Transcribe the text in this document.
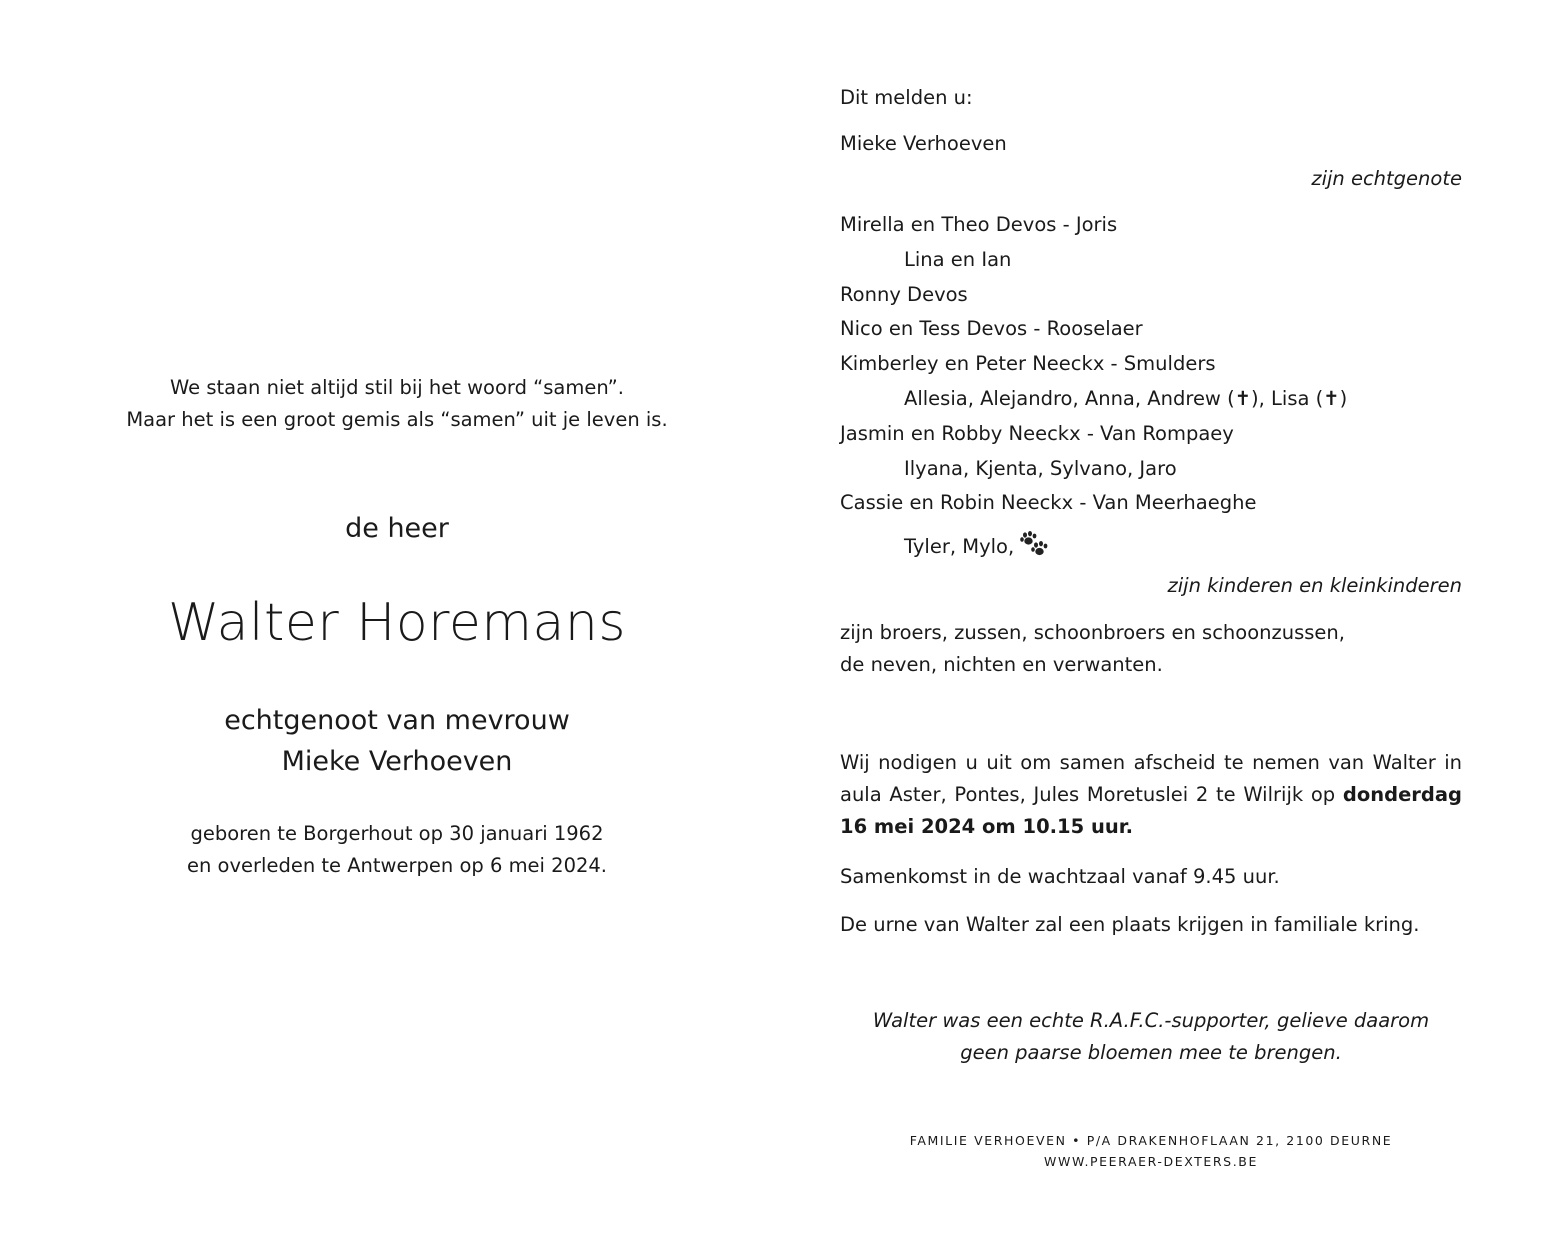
We staan niet altijd stil bij het woord “samen”.
Maar het is een groot gemis als “samen” uit je leven is.
de heer
Walter Horemans
echtgenoot van mevrouw
Mieke Verhoeven
geboren te Borgerhout op 30 januari 1962
en overleden te Antwerpen op 6 mei 2024.
Dit melden u:
Mieke Verhoeven
zijn echtgenote
Mirella en Theo Devos - Joris
Lina en Ian
Ronny Devos
Nico en Tess Devos - Rooselaer
Kimberley en Peter Neeckx - Smulders
Allesia, Alejandro, Anna, Andrew (✝), Lisa (✝)
Jasmin en Robby Neeckx - Van Rompaey
Ilyana, Kjenta, Sylvano, Jaro
Cassie en Robin Neeckx - Van Meerhaeghe
Tyler, Mylo,
zijn kinderen en kleinkinderen
zijn broers, zussen, schoonbroers en schoonzussen,
de neven, nichten en verwanten.
Wij nodigen u uit om samen afscheid te nemen van Walter in aula Aster, Pontes, Jules Moretuslei 2 te Wilrijk op donderdag 16 mei 2024 om 10.15 uur.
Samenkomst in de wachtzaal vanaf 9.45 uur.
De urne van Walter zal een plaats krijgen in familiale kring.
Walter was een echte R.A.F.C.-supporter, gelieve daarom
geen paarse bloemen mee te brengen.
FAMILIE VERHOEVEN • P/A DRAKENHOFLAAN 21, 2100 DEURNE
WWW.PEERAER-DEXTERS.BE
